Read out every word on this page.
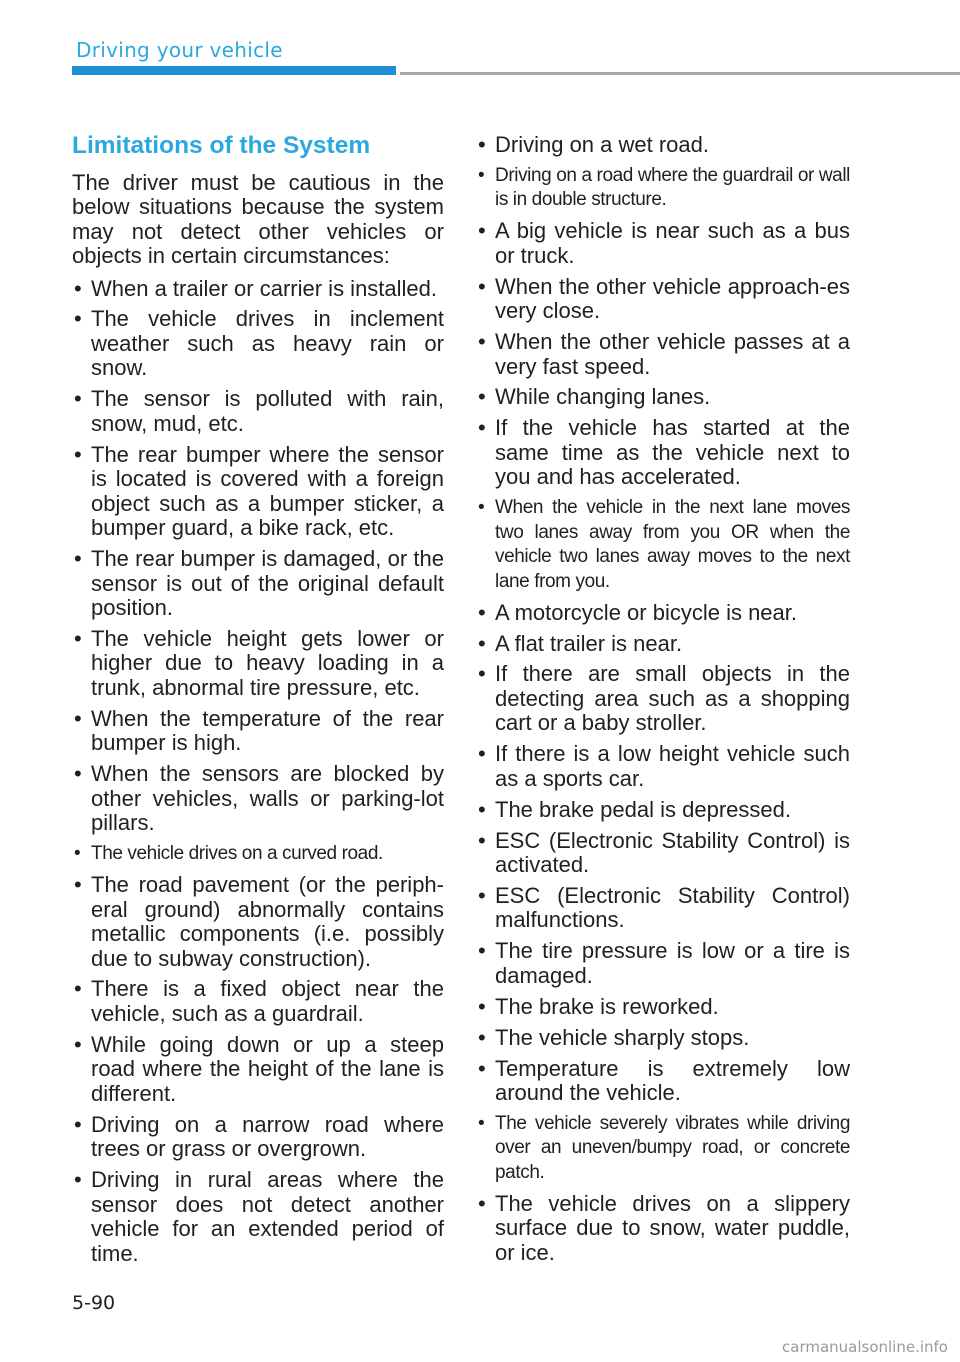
Driving your vehicle
Limitations of the System
The driver must be cautious in the below situations because the system may not detect other vehicles or objects in certain circumstances:
• When a trailer or carrier is installed.
• The vehicle drives in inclement weather such as heavy rain or snow.
• The sensor is polluted with rain, snow, mud, etc.
• The rear bumper where the sensor is located is covered with a foreign object such as a bumper sticker, a bumper guard, a bike rack, etc.
• The rear bumper is damaged, or the sensor is out of the original default position.
• The vehicle height gets lower or higher due to heavy loading in a trunk, abnormal tire pressure, etc.
• When the temperature of the rear bumper is high.
• When the sensors are blocked by other vehicles, walls or parking-lot pillars.
• The vehicle drives on a curved road.
• The road pavement (or the periph-eral ground) abnormally contains metallic components (i.e. possibly due to subway construction).
• There is a fixed object near the vehicle, such as a guardrail.
• While going down or up a steep road where the height of the lane is different.
• Driving on a narrow road where trees or grass or overgrown.
• Driving in rural areas where the sensor does not detect another vehicle for an extended period of time.
• Driving on a wet road.
• Driving on a road where the guardrail or wall is in double structure.
• A big vehicle is near such as a bus or truck.
• When the other vehicle approach-es very close.
• When the other vehicle passes at a very fast speed.
• While changing lanes.
• If the vehicle has started at the same time as the vehicle next to you and has accelerated.
• When the vehicle in the next lane moves two lanes away from you OR when the vehicle two lanes away moves to the next lane from you.
• A motorcycle or bicycle is near.
• A flat trailer is near.
• If there are small objects in the detecting area such as a shopping cart or a baby stroller.
• If there is a low height vehicle such as a sports car.
• The brake pedal is depressed.
• ESC (Electronic Stability Control) is activated.
• ESC (Electronic Stability Control) malfunctions.
• The tire pressure is low or a tire is damaged.
• The brake is reworked.
• The vehicle sharply stops.
• Temperature is extremely low around the vehicle.
• The vehicle severely vibrates while driving over an uneven/bumpy road, or concrete patch.
• The vehicle drives on a slippery surface due to snow, water puddle, or ice.
5-90
carmanualsonline.info
